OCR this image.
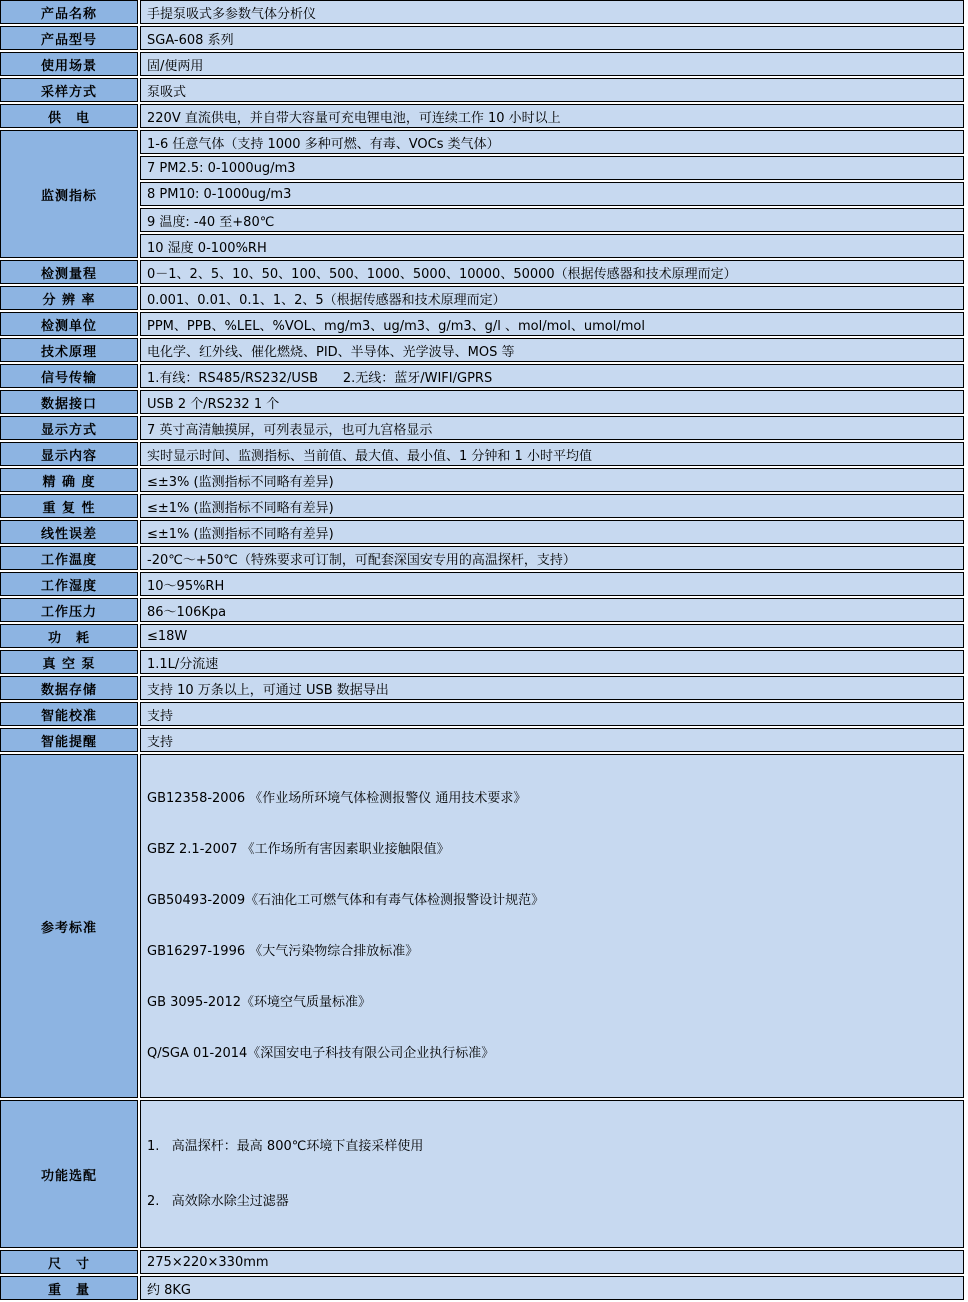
产品名称	手提泵吸式多参数气体分析仪
产品型号	SGA-608 系列
使用场景	固/便两用
采样方式	泵吸式
供　电	220V 直流供电，并自带大容量可充电锂电池，可连续工作 10 小时以上
监测指标	1-6 任意气体（支持 1000 多种可燃、有毒、VOCs 类气体）
	7 PM2.5: 0-1000ug/m3
	8 PM10: 0-1000ug/m3
	9 温度: -40 至+80℃
	10 湿度 0-100%RH
检测量程	0－1、2、5、10、50、100、500、1000、5000、10000、50000（根据传感器和技术原理而定）
分 辨 率	0.001、0.01、0.1、1、2、5（根据传感器和技术原理而定）
检测单位	PPM、PPB、%LEL、%VOL、mg/m3、ug/m3、g/m3、g/l 、mol/mol、umol/mol
技术原理	电化学、红外线、催化燃烧、PID、半导体、光学波导、MOS 等
信号传输	1.有线：RS485/RS232/USB      2.无线：蓝牙/WIFI/GPRS
数据接口	USB 2 个/RS232 1 个
显示方式	7 英寸高清触摸屏，可列表显示，也可九宫格显示
显示内容	实时显示时间、监测指标、当前值、最大值、最小值、1 分钟和 1 小时平均值
精 确 度	≤±3% (监测指标不同略有差异)
重 复 性	≤±1% (监测指标不同略有差异)
线性误差	≤±1% (监测指标不同略有差异)
工作温度	-20℃～+50℃（特殊要求可订制，可配套深国安专用的高温探杆，支持）
工作湿度	10～95%RH
工作压力	86～106Kpa
功　耗	≤18W
真 空 泵	1.1L/分流速
数据存储	支持 10 万条以上，可通过 USB 数据导出
智能校准	支持
智能提醒	支持
参考标准	

GB12358-2006 《作业场所环境气体检测报警仪 通用技术要求》

GBZ 2.1-2007 《工作场所有害因素职业接触限值》

GB50493-2009《石油化工可燃气体和有毒气体检测报警设计规范》

GB16297-1996 《大气污染物综合排放标准》

GB 3095-2012《环境空气质量标准》

Q/SGA 01-2014《深国安电子科技有限公司企业执行标准》

功能选配	1.   高温探杆：最高 800℃环境下直接采样使用

2.   高效除水除尘过滤器

尺　寸	275×220×330mm
重　量	约 8KG
